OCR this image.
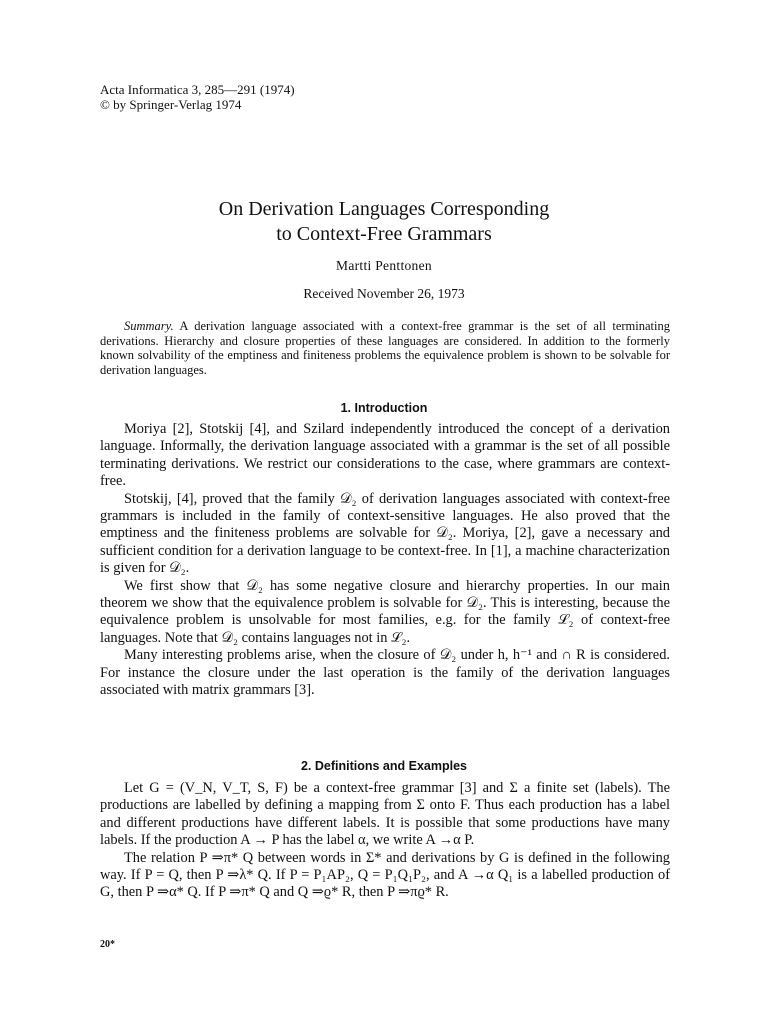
Acta Informatica 3, 285—291 (1974)
© by Springer-Verlag 1974
On Derivation Languages Corresponding
to Context-Free Grammars
Martti Penttonen
Received November 26, 1973
Summary. A derivation language associated with a context-free grammar is the set of all terminating derivations. Hierarchy and closure properties of these languages are considered. In addition to the formerly known solvability of the emptiness and finiteness problems the equivalence problem is shown to be solvable for derivation languages.
1. Introduction

Moriya [2], Stotskij [4], and Szilard independently introduced the concept of a derivation language. Informally, the derivation language associated with a grammar is the set of all possible terminating derivations. We restrict our considerations to the case, where grammars are context-free.

Stotskij, [4], proved that the family 𝒟₂ of derivation languages associated with context-free grammars is included in the family of context-sensitive languages. He also proved that the emptiness and the finiteness problems are solvable for 𝒟₂. Moriya, [2], gave a necessary and sufficient condition for a derivation language to be context-free. In [1], a machine characterization is given for 𝒟₂.

We first show that 𝒟₂ has some negative closure and hierarchy properties. In our main theorem we show that the equivalence problem is solvable for 𝒟₂. This is interesting, because the equivalence problem is unsolvable for most families, e.g. for the family ℒ₂ of context-free languages. Note that 𝒟₂ contains languages not in ℒ₂.

Many interesting problems arise, when the closure of 𝒟₂ under h, h⁻¹ and ∩ R is considered. For instance the closure under the last operation is the family of the derivation languages associated with matrix grammars [3].

2. Definitions and Examples

Let G = (V_N, V_T, S, F) be a context-free grammar [3] and Σ a finite set (labels). The productions are labelled by defining a mapping from Σ onto F. Thus each production has a label and different productions have different labels. It is possible that some productions have many labels. If the production A → P has the label α, we write A →α P.

The relation P ⇒π* Q between words in Σ* and derivations by G is defined in the following way. If P = Q, then P ⇒λ* Q. If P = P₁AP₂, Q = P₁Q₁P₂, and A →α Q₁ is a labelled production of G, then P ⇒α* Q. If P ⇒π* Q and Q ⇒ϱ* R, then P ⇒πϱ* R.

20*
